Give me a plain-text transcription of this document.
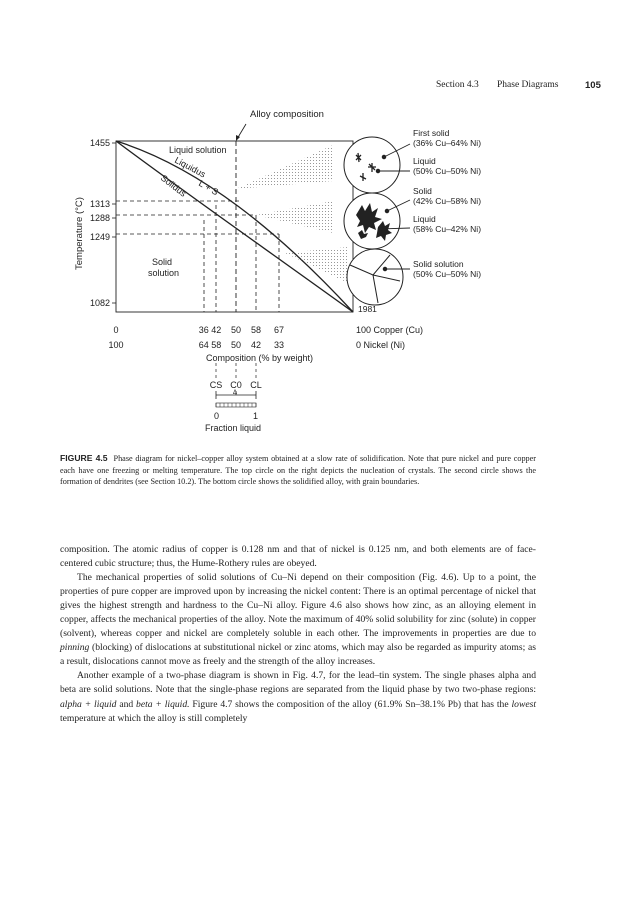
Section 4.3 Phase Diagrams	105
Alloy composition
Liquid solution
Liquidus
Solidus L + S
Solid solution
Temperature (°C)
1455
1313
1288
1249
1082
0	36 42 50 58 67	100 Copper (Cu)
100	64 58 50 42 33	0 Nickel (Ni)
Composition (% by weight)
1981
CS C0 CL
Δ
0	1
Fraction liquid
First solid
(36% Cu–64% Ni)
Liquid
(50% Cu–50% Ni)
Solid
(42% Cu–58% Ni)
Liquid
(58% Cu–42% Ni)
Solid solution
(50% Cu–50% Ni)
FIGURE 4.5 Phase diagram for nickel–copper alloy system obtained at a slow rate of solidification. Note that pure nickel and pure copper each have one freezing or melting temperature. The top circle on the right depicts the nucleation of crystals. The second circle shows the formation of dendrites (see Section 10.2). The bottom circle shows the solidified alloy, with grain boundaries.

composition. The atomic radius of copper is 0.128 nm and that of nickel is 0.125 nm, and both elements are of face-centered cubic structure; thus, the Hume-Rothery rules are obeyed.

The mechanical properties of solid solutions of Cu–Ni depend on their composition (Fig. 4.6). Up to a point, the properties of pure copper are improved upon by increasing the nickel content: There is an optimal percentage of nickel that gives the highest strength and hardness to the Cu–Ni alloy. Figure 4.6 also shows how zinc, as an alloying element in copper, affects the mechanical properties of the alloy. Note the maximum of 40% solid solubility for zinc (solute) in copper (solvent), whereas copper and nickel are completely soluble in each other. The improvements in properties are due to pinning (blocking) of dislocations at substitutional nickel or zinc atoms, which may also be regarded as impurity atoms; as a result, dislocations cannot move as freely and the strength of the alloy increases.

Another example of a two-phase diagram is shown in Fig. 4.7, for the lead–tin system. The single phases alpha and beta are solid solutions. Note that the single-phase regions are separated from the liquid phase by two two-phase regions: alpha + liquid and beta + liquid. Figure 4.7 shows the composition of the alloy (61.9% Sn–38.1% Pb) that has the lowest temperature at which the alloy is still completely
